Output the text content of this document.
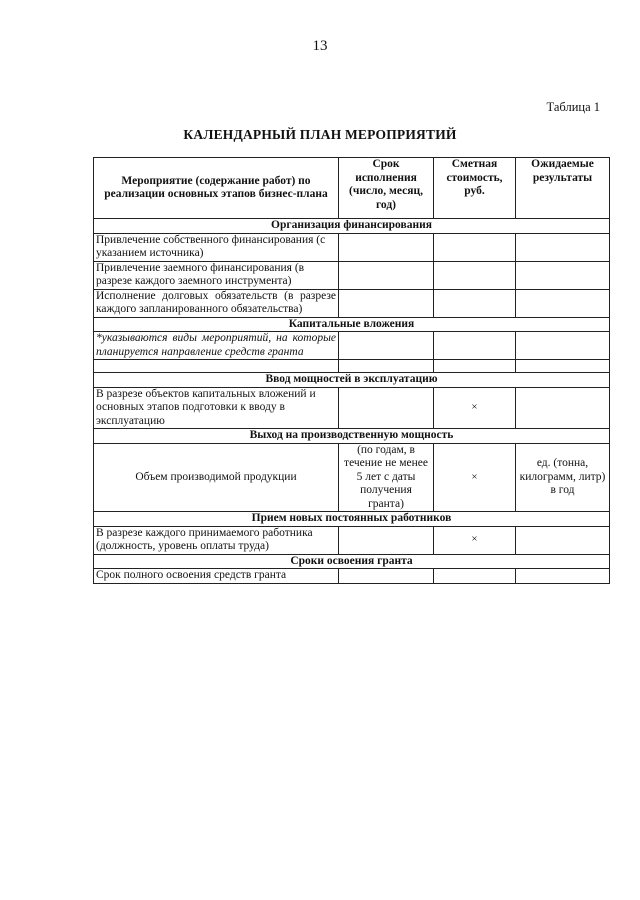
13
Таблица 1
КАЛЕНДАРНЫЙ ПЛАН МЕРОПРИЯТИЙ
Мероприятие (содержание работ) по реализации основных этапов бизнес-плана	Срок исполнения (число, месяц, год)	Сметная стоимость, руб.	Ожидаемые результаты
Организация финансирования			
Привлечение собственного финансирования (с указанием источника)			
Привлечение заемного финансирования (в разрезе каждого заемного инструмента)			
Исполнение долговых обязательств (в разрезе каждого запланированного обязательства)			
Капитальные вложения			
*указываются виды мероприятий, на которые планируется направление средств гранта			

Ввод мощностей в эксплуатацию			
В разрезе объектов капитальных вложений и основных этапов подготовки к вводу в эксплуатацию		×	
Выход на производственную мощность			
Объем производимой продукции	(по годам, в течение не менее 5 лет с даты получения гранта)	×	ед. (тонна, килограмм, литр) в год
Прием новых постоянных работников			
В разрезе каждого принимаемого работника (должность, уровень оплаты труда)		×	
Сроки освоения гранта			
Срок полного освоения средств гранта			
